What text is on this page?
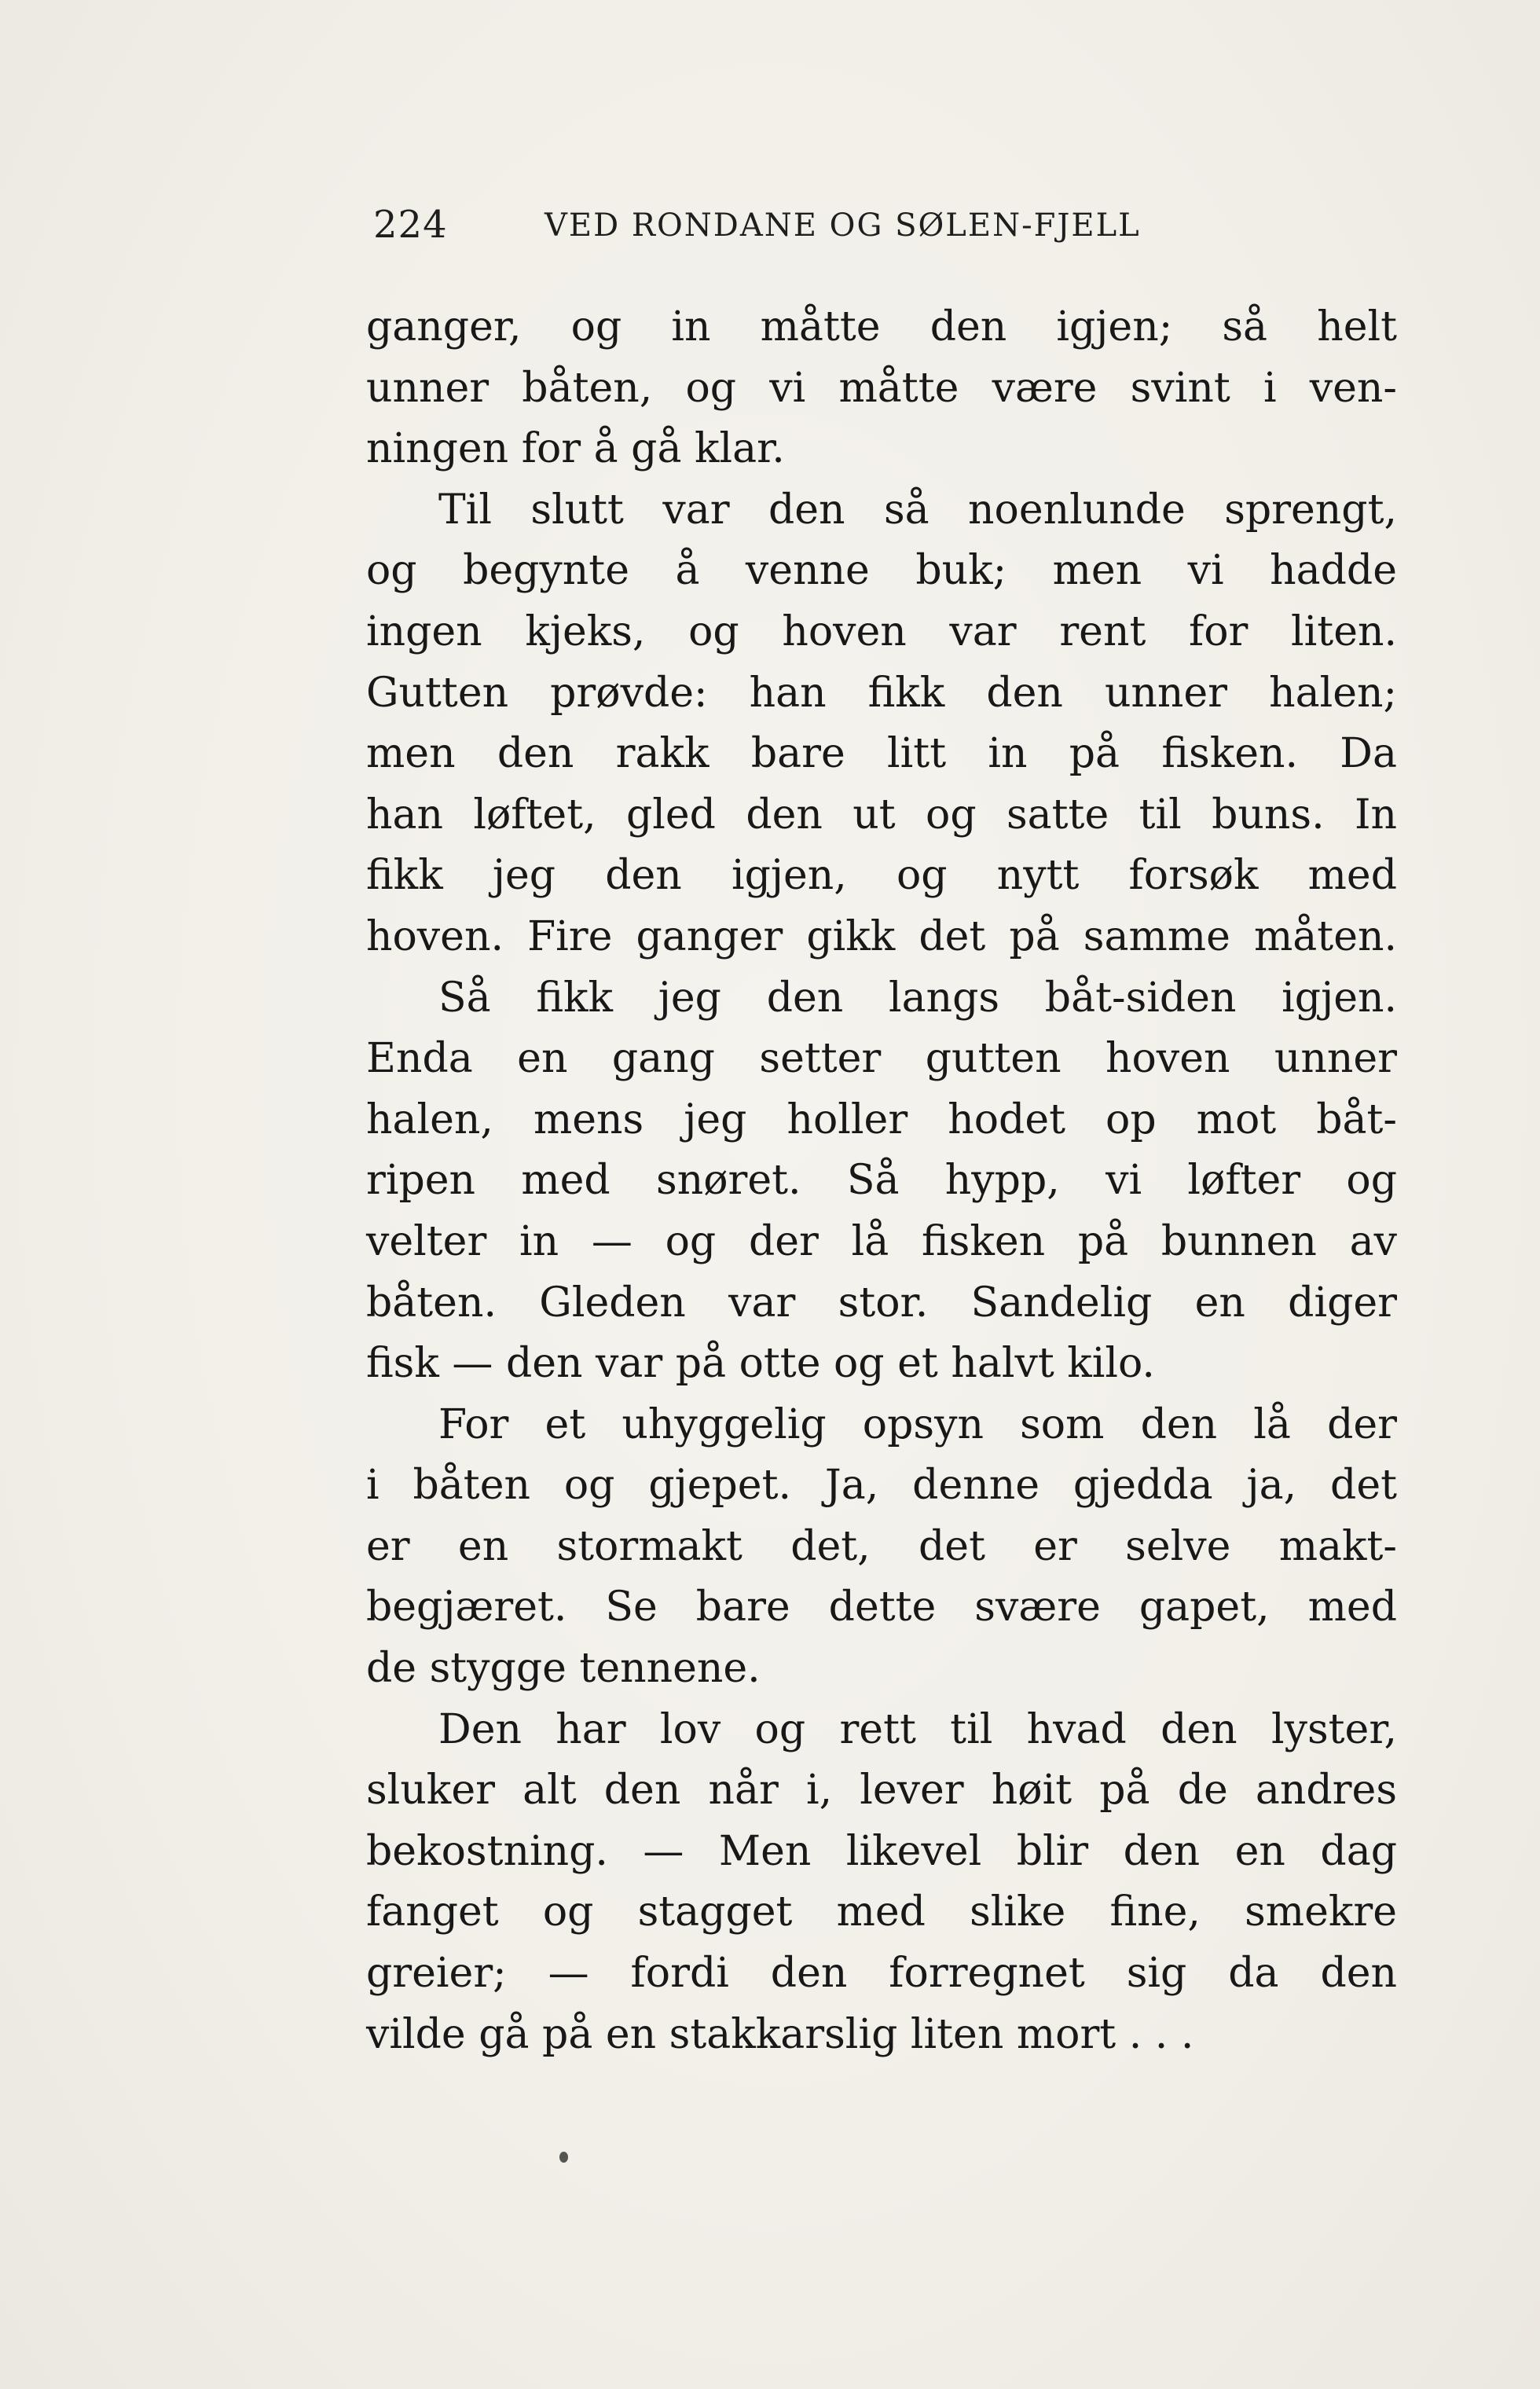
224	VED RONDANE OG SØLEN-FJELL
ganger, og in måtte den igjen; så helt
unner båten, og vi måtte være svint i ven-
ningen for å gå klar.
Til slutt var den så noenlunde sprengt,
og begynte å venne buk; men vi hadde
ingen kjeks, og hoven var rent for liten.
Gutten prøvde: han fikk den unner halen;
men den rakk bare litt in på fisken. Da
han løftet, gled den ut og satte til buns. In
fikk jeg den igjen, og nytt forsøk med
hoven. Fire ganger gikk det på samme måten.
Så fikk jeg den langs båt-siden igjen.
Enda en gang setter gutten hoven unner
halen, mens jeg holler hodet op mot båt-
ripen med snøret. Så hypp, vi løfter og
velter in — og der lå fisken på bunnen av
båten. Gleden var stor. Sandelig en diger
fisk — den var på otte og et halvt kilo.
For et uhyggelig opsyn som den lå der
i båten og gjepet. Ja, denne gjedda ja, det
er en stormakt det, det er selve makt-
begjæret. Se bare dette svære gapet, med
de stygge tennene.
Den har lov og rett til hvad den lyster,
sluker alt den når i, lever høit på de andres
bekostning. — Men likevel blir den en dag
fanget og stagget med slike fine, smekre
greier; — fordi den forregnet sig da den
vilde gå på en stakkarslig liten mort . . .
